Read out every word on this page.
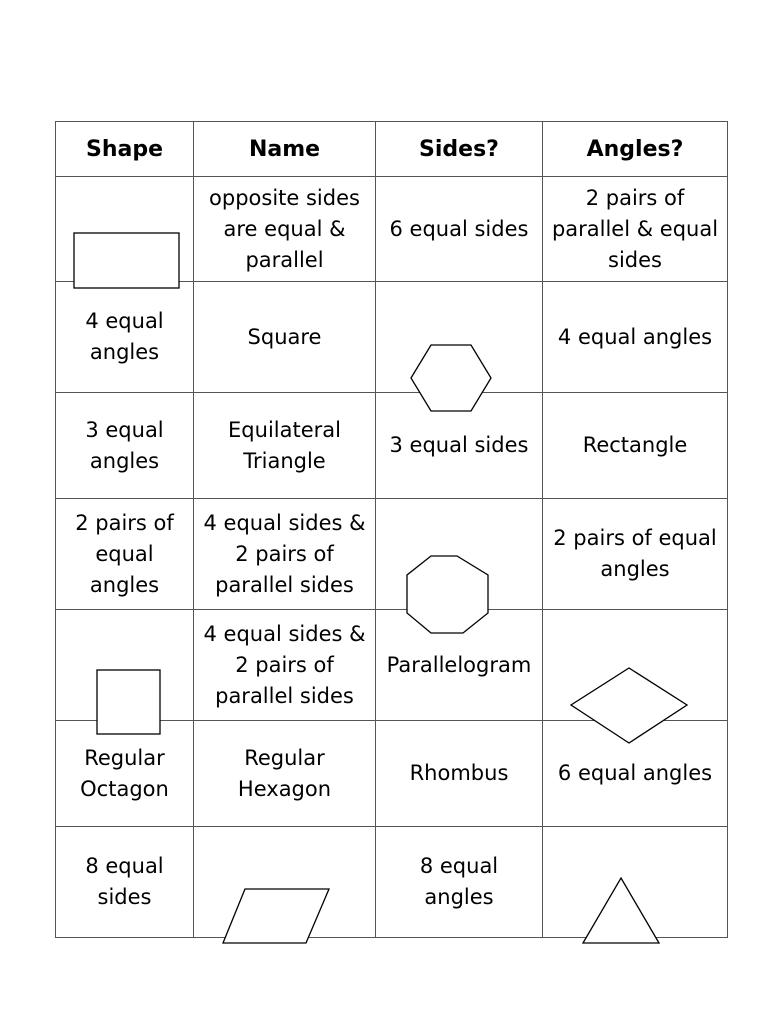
Shape	Name	Sides?	Angles?

	opposite sides are equal & parallel	6 equal sides	2 pairs of parallel & equal sides
4 equal angles	Square		4 equal angles
3 equal angles	Equilateral Triangle	3 equal sides	Rectangle
2 pairs of equal angles	4 equal sides & 2 pairs of parallel sides		2 pairs of equal angles

	4 equal sides & 2 pairs of parallel sides	Parallelogram	

Regular Octagon	Regular Hexagon	Rhombus	6 equal angles
8 equal sides		8 equal angles	
